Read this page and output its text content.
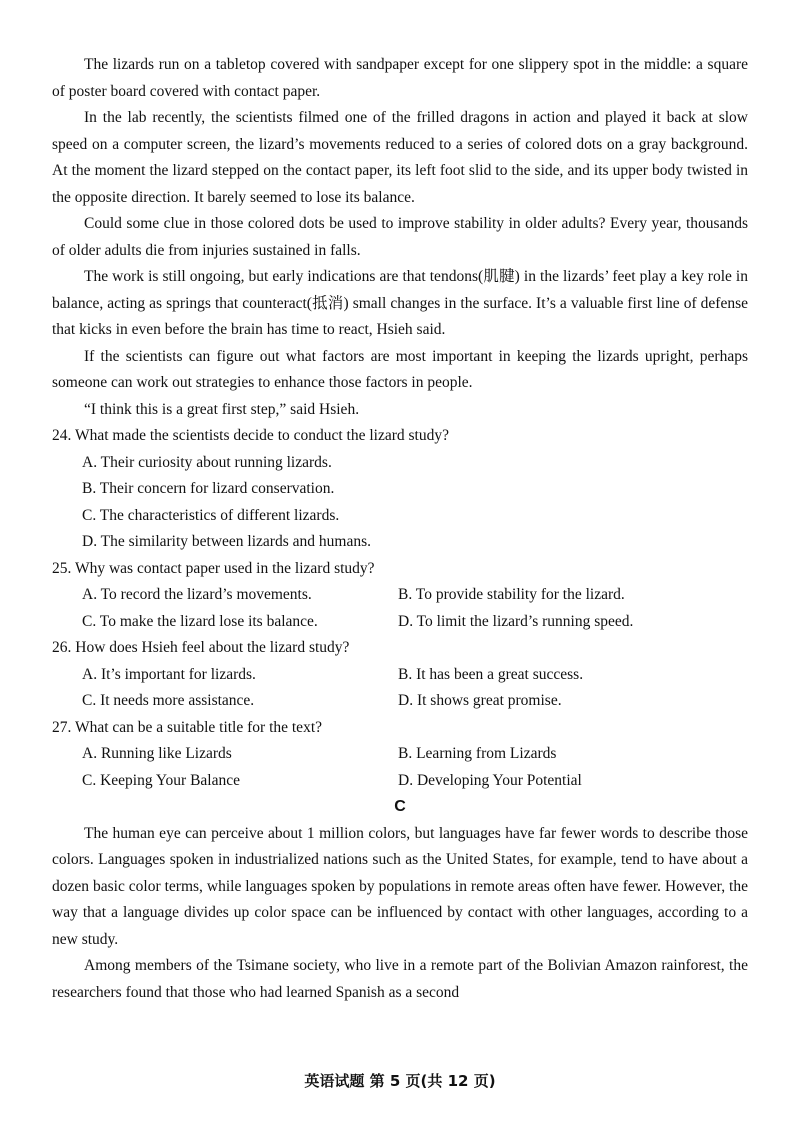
The lizards run on a tabletop covered with sandpaper except for one slippery spot in the middle: a square of poster board covered with contact paper.

In the lab recently, the scientists filmed one of the frilled dragons in action and played it back at slow speed on a computer screen, the lizard’s movements reduced to a series of colored dots on a gray background. At the moment the lizard stepped on the contact paper, its left foot slid to the side, and its upper body twisted in the opposite direction. It barely seemed to lose its balance.

Could some clue in those colored dots be used to improve stability in older adults? Every year, thousands of older adults die from injuries sustained in falls.

The work is still ongoing, but early indications are that tendons(肌腱) in the lizards’ feet play a key role in balance, acting as springs that counteract(抵消) small changes in the surface. It’s a valuable first line of defense that kicks in even before the brain has time to react, Hsieh said.

If the scientists can figure out what factors are most important in keeping the lizards upright, perhaps someone can work out strategies to enhance those factors in people.

“I think this is a great first step,” said Hsieh.

24. What made the scientists decide to conduct the lizard study?
A. Their curiosity about running lizards.
B. Their concern for lizard conservation.
C. The characteristics of different lizards.
D. The similarity between lizards and humans.
25. Why was contact paper used in the lizard study?
A. To record the lizard’s movements.	B. To provide stability for the lizard.
C. To make the lizard lose its balance.	D. To limit the lizard’s running speed.
26. How does Hsieh feel about the lizard study?
A. It’s important for lizards.	B. It has been a great success.
C. It needs more assistance.	D. It shows great promise.
27. What can be a suitable title for the text?
A. Running like Lizards	B. Learning from Lizards
C. Keeping Your Balance	D. Developing Your Potential
C

The human eye can perceive about 1 million colors, but languages have far fewer words to describe those colors. Languages spoken in industrialized nations such as the United States, for example, tend to have about a dozen basic color terms, while languages spoken by populations in remote areas often have fewer. However, the way that a language divides up color space can be influenced by contact with other languages, according to a new study.

Among members of the Tsimane society, who live in a remote part of the Bolivian Amazon rainforest, the researchers found that those who had learned Spanish as a second

英语试题 第 5 页(共 12 页)
